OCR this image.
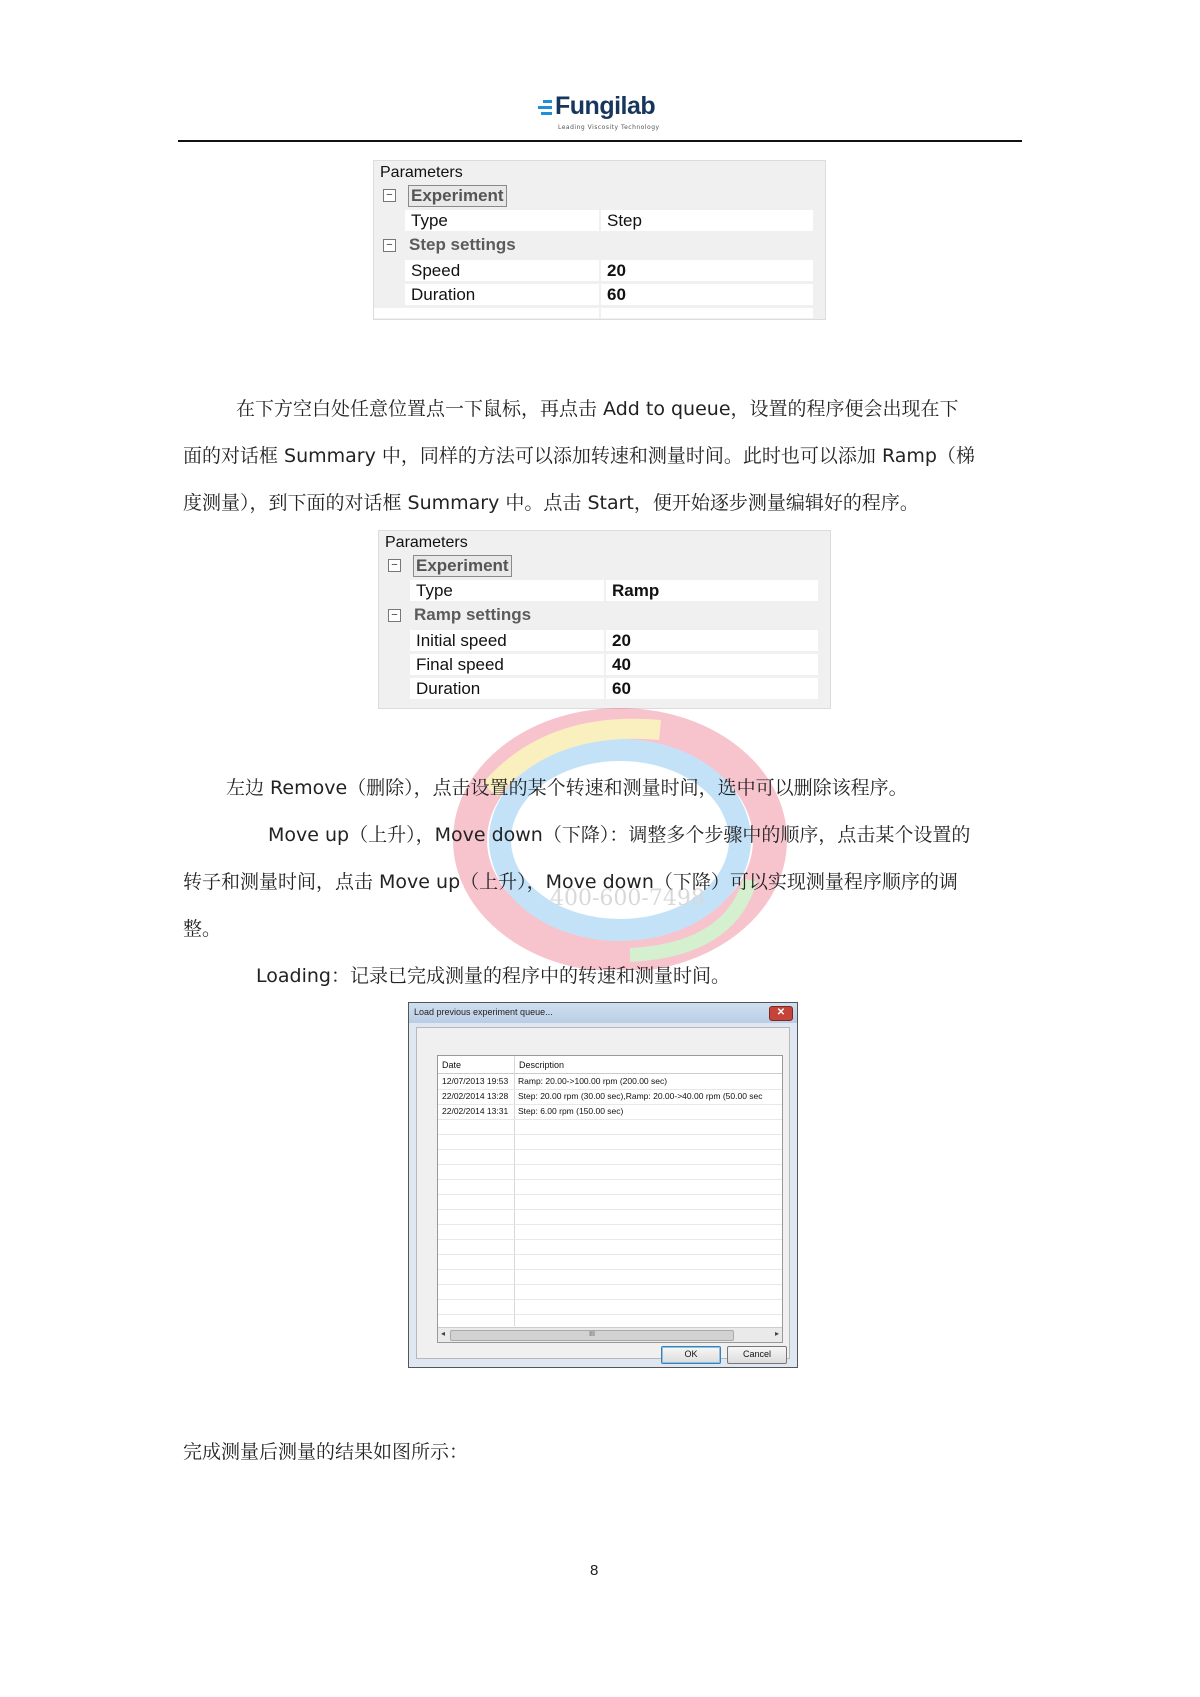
Fungilab
Leading Viscosity Technology
Parameters
− Experiment
Type	Step
− Step settings
Speed	20
Duration	60
在下方空白处任意位置点一下鼠标，再点击 Add to queue，设置的程序便会出现在下
面的对话框 Summary 中，同样的方法可以添加转速和测量时间。此时也可以添加 Ramp（梯
度测量），到下面的对话框 Summary 中。点击 Start，便开始逐步测量编辑好的程序。
Parameters
− Experiment
Type	Ramp
− Ramp settings
Initial speed	20
Final speed	40
Duration	60
400-600-7498
左边 Remove（删除），点击设置的某个转速和测量时间，选中可以删除该程序。
Move up（上升），Move down（下降）：调整多个步骤中的顺序，点击某个设置的
转子和测量时间，点击 Move up（上升），Move down（下降）可以实现测量程序顺序的调
整。
Loading：记录已完成测量的程序中的转速和测量时间。
Load previous experiment queue...	✕
Date	Description
12/07/2013 19:53 Ramp: 20.00->100.00 rpm (200.00 sec)
22/02/2014 13:28 Step: 20.00 rpm (30.00 sec),Ramp: 20.00->40.00 rpm (50.00 sec
22/02/2014 13:31 Step: 6.00 rpm (150.00 sec)
◂	III	▸
OK	Cancel
完成测量后测量的结果如图所示：
8
